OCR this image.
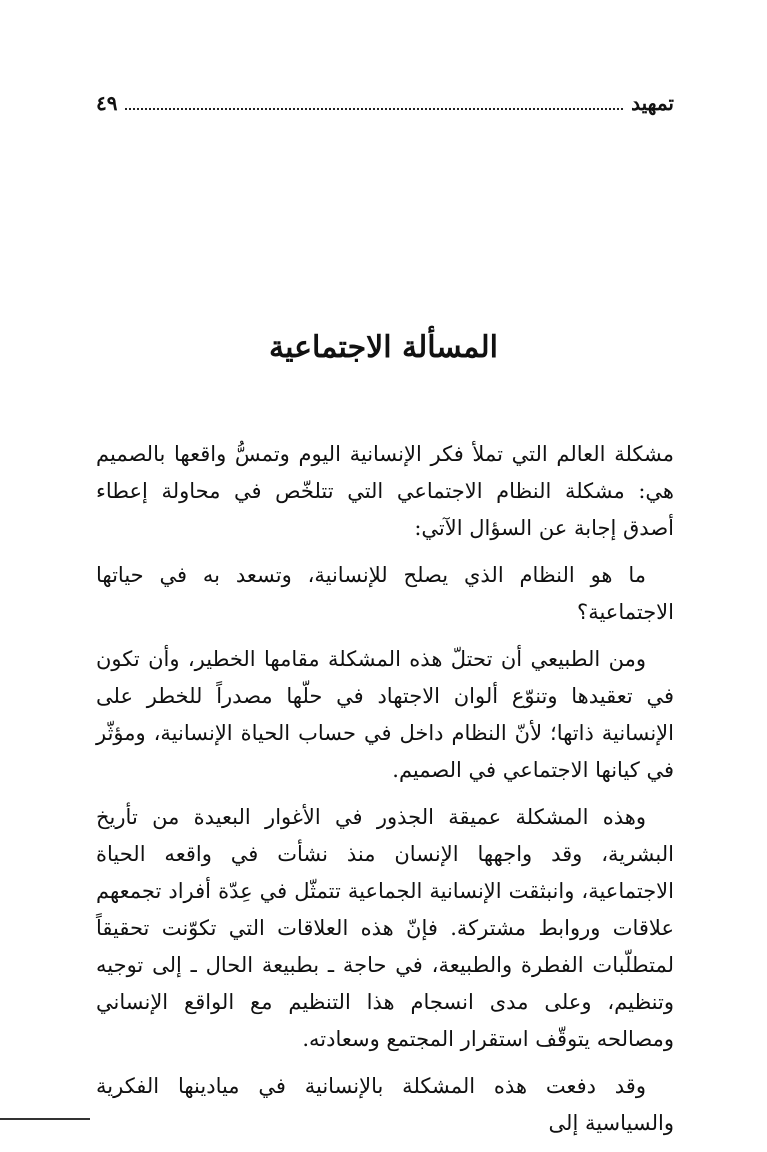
تمهيد
٤٩
المسألة الاجتماعية

مشكلة العالم التي تملأ فكر الإنسانية اليوم وتمسُّ واقعها بالصميم هي: مشكلة النظام الاجتماعي التي تتلخّص في محاولة إعطاء أصدق إجابة عن السؤال الآتي:

ما هو النظام الذي يصلح للإنسانية، وتسعد به في حياتها الاجتماعية؟

ومن الطبيعي أن تحتلّ هذه المشكلة مقامها الخطير، وأن تكون في تعقيدها وتنوّع ألوان الاجتهاد في حلّها مصدراً للخطر على الإنسانية ذاتها؛ لأنّ النظام داخل في حساب الحياة الإنسانية، ومؤثّر في كيانها الاجتماعي في الصميم.

وهذه المشكلة عميقة الجذور في الأغوار البعيدة من تأريخ البشرية، وقد واجهها الإنسان منذ نشأت في واقعه الحياة الاجتماعية، وانبثقت الإنسانية الجماعية تتمثّل في عِدّة أفراد تجمعهم علاقات وروابط مشتركة. فإنّ هذه العلاقات التي تكوّنت تحقيقاً لمتطلّبات الفطرة والطبيعة، في حاجة ـ بطبيعة الحال ـ إلى توجيه وتنظيم، وعلى مدى انسجام هذا التنظيم مع الواقع الإنساني ومصالحه يتوقّف استقرار المجتمع وسعادته.

وقد دفعت هذه المشكلة بالإنسانية في ميادينها الفكرية والسياسية إلى
